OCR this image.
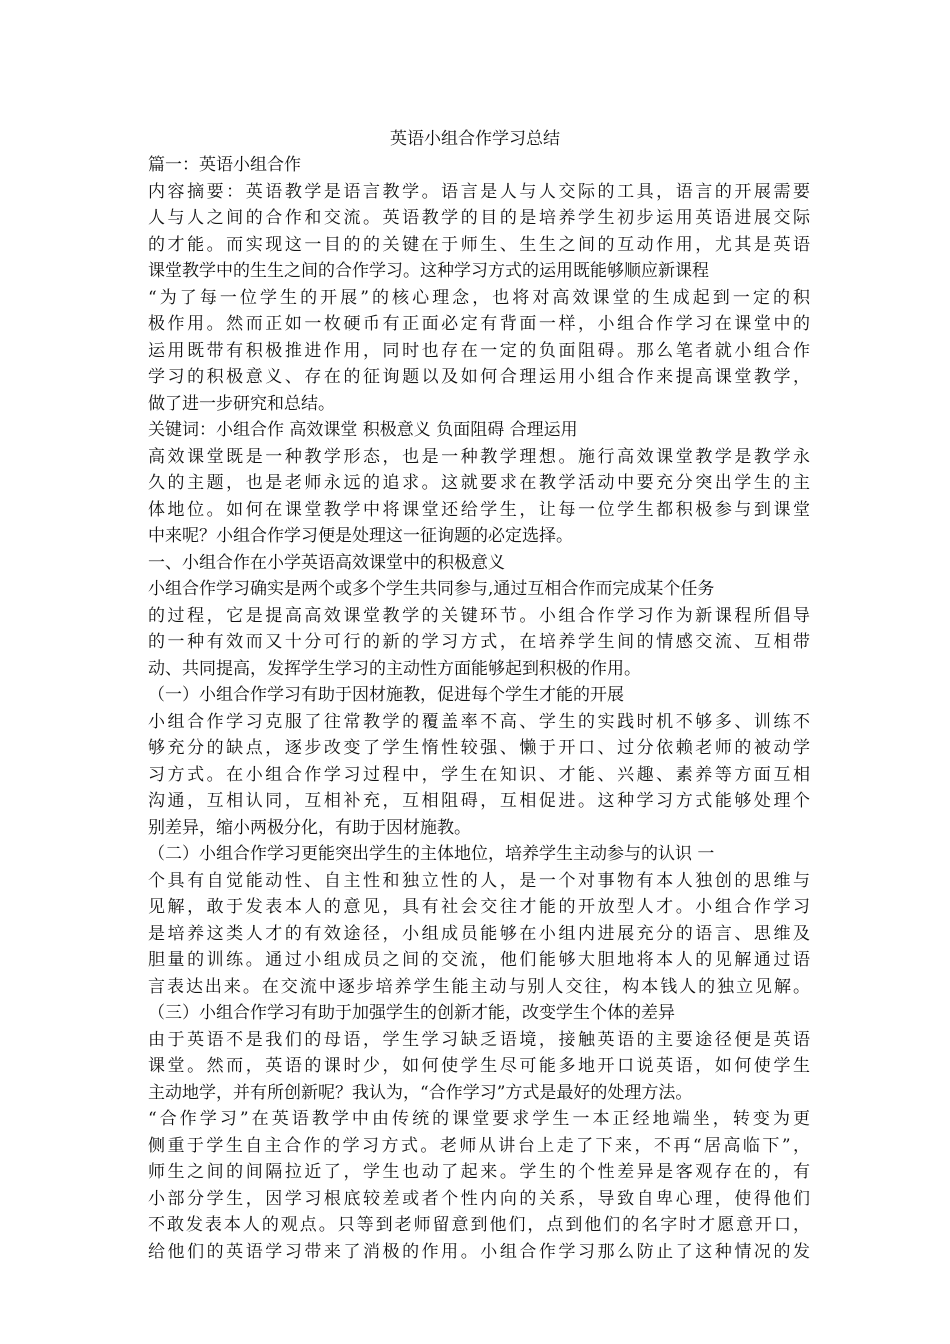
英语小组合作学习总结
篇一：英语小组合作
内容摘要：英语教学是语言教学。语言是人与人交际的工具，语言的开展需要
人与人之间的合作和交流。英语教学的目的是培养学生初步运用英语进展交际
的才能。而实现这一目的的关键在于师生、生生之间的互动作用，尤其是英语
课堂教学中的生生之间的合作学习。这种学习方式的运用既能够顺应新课程
“为了每一位学生的开展”的核心理念，也将对高效课堂的生成起到一定的积
极作用。然而正如一枚硬币有正面必定有背面一样，小组合作学习在课堂中的
运用既带有积极推进作用，同时也存在一定的负面阻碍。那么笔者就小组合作
学习的积极意义、存在的征询题以及如何合理运用小组合作来提高课堂教学，
做了进一步研究和总结。
关键词：小组合作 高效课堂 积极意义 负面阻碍 合理运用
高效课堂既是一种教学形态，也是一种教学理想。施行高效课堂教学是教学永
久的主题，也是老师永远的追求。这就要求在教学活动中要充分突出学生的主
体地位。如何在课堂教学中将课堂还给学生，让每一位学生都积极参与到课堂
中来呢？小组合作学习便是处理这一征询题的必定选择。
一、小组合作在小学英语高效课堂中的积极意义
小组合作学习确实是两个或多个学生共同参与,通过互相合作而完成某个任务
的过程，它是提高高效课堂教学的关键环节。小组合作学习作为新课程所倡导
的一种有效而又十分可行的新的学习方式，在培养学生间的情感交流、互相带
动、共同提高，发挥学生学习的主动性方面能够起到积极的作用。
（一）小组合作学习有助于因材施教，促进每个学生才能的开展
小组合作学习克服了往常教学的覆盖率不高、学生的实践时机不够多、训练不
够充分的缺点，逐步改变了学生惰性较强、懒于开口、过分依赖老师的被动学
习方式。在小组合作学习过程中，学生在知识、才能、兴趣、素养等方面互相
沟通，互相认同，互相补充，互相阻碍，互相促进。这种学习方式能够处理个
别差异，缩小两极分化，有助于因材施教。
（二）小组合作学习更能突出学生的主体地位，培养学生主动参与的认识 一
个具有自觉能动性、自主性和独立性的人，是一个对事物有本人独创的思维与
见解，敢于发表本人的意见，具有社会交往才能的开放型人才。小组合作学习
是培养这类人才的有效途径，小组成员能够在小组内进展充分的语言、思维及
胆量的训练。通过小组成员之间的交流，他们能够大胆地将本人的见解通过语
言表达出来。在交流中逐步培养学生能主动与别人交往，构本钱人的独立见解。
（三）小组合作学习有助于加强学生的创新才能，改变学生个体的差异
由于英语不是我们的母语，学生学习缺乏语境，接触英语的主要途径便是英语
课堂。然而，英语的课时少，如何使学生尽可能多地开口说英语，如何使学生
主动地学，并有所创新呢？我认为，“合作学习”方式是最好的处理方法。
“合作学习”在英语教学中由传统的课堂要求学生一本正经地端坐，转变为更
侧重于学生自主合作的学习方式。老师从讲台上走了下来，不再“居高临下”，
师生之间的间隔拉近了，学生也动了起来。学生的个性差异是客观存在的，有
小部分学生，因学习根底较差或者个性内向的关系，导致自卑心理，使得他们
不敢发表本人的观点。只等到老师留意到他们，点到他们的名字时才愿意开口，
给他们的英语学习带来了消极的作用。小组合作学习那么防止了这种情况的发
